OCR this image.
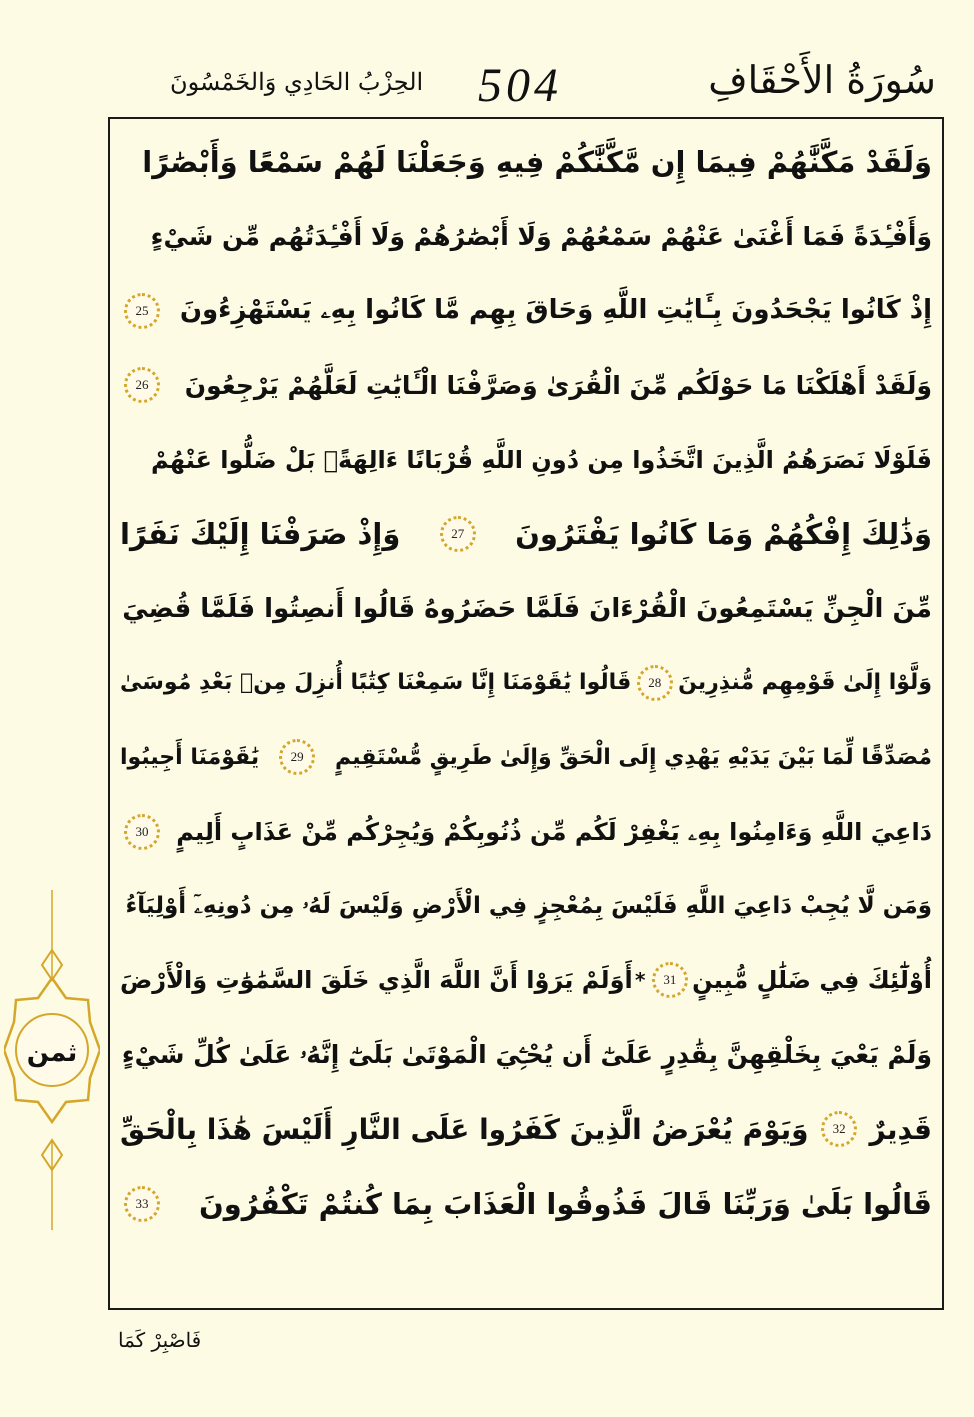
سُورَةُ الأَحْقَافِ
504
الحِزْبُ الحَادِي وَالخَمْسُونَ
وَلَقَدْ مَكَّنَّٰهُمْ فِيمَا إِن مَّكَّنَّٰكُمْ فِيهِ وَجَعَلْنَا لَهُمْ سَمْعًا وَأَبْصَٰرًا
وَأَفْـِٔدَةً فَمَا أَغْنَىٰ عَنْهُمْ سَمْعُهُمْ وَلَا أَبْصَٰرُهُمْ وَلَا أَفْـِٔدَتُهُم مِّن شَيْءٍ
إِذْ كَانُوا يَجْحَدُونَ بِـَٔايَٰتِ اللَّهِ وَحَاقَ بِهِم مَّا كَانُوا بِهِۦ يَسْتَهْزِءُونَ
25
وَلَقَدْ أَهْلَكْنَا مَا حَوْلَكُم مِّنَ الْقُرَىٰ وَصَرَّفْنَا الْـَٔايَٰتِ لَعَلَّهُمْ يَرْجِعُونَ
26
فَلَوْلَا نَصَرَهُمُ الَّذِينَ اتَّخَذُوا مِن دُونِ اللَّهِ قُرْبَانًا ءَالِهَةًۢ بَلْ ضَلُّوا عَنْهُمْ
وَذَٰلِكَ إِفْكُهُمْ وَمَا كَانُوا يَفْتَرُونَ
27
وَإِذْ صَرَفْنَا إِلَيْكَ نَفَرًا
مِّنَ الْجِنِّ يَسْتَمِعُونَ الْقُرْءَانَ فَلَمَّا حَضَرُوهُ قَالُوا أَنصِتُوا فَلَمَّا قُضِيَ
وَلَّوْا إِلَىٰ قَوْمِهِم مُّنذِرِينَ
28
قَالُوا يَٰقَوْمَنَا إِنَّا سَمِعْنَا كِتَٰبًا أُنزِلَ مِنۢ بَعْدِ مُوسَىٰ
مُصَدِّقًا لِّمَا بَيْنَ يَدَيْهِ يَهْدِي إِلَى الْحَقِّ وَإِلَىٰ طَرِيقٍ مُّسْتَقِيمٍ
29
يَٰقَوْمَنَا أَجِيبُوا
دَاعِيَ اللَّهِ وَءَامِنُوا بِهِۦ يَغْفِرْ لَكُم مِّن ذُنُوبِكُمْ وَيُجِرْكُم مِّنْ عَذَابٍ أَلِيمٍ
30
وَمَن لَّا يُجِبْ دَاعِيَ اللَّهِ فَلَيْسَ بِمُعْجِزٍ فِي الْأَرْضِ وَلَيْسَ لَهُۥ مِن دُونِهِۦٓ أَوْلِيَآءُ
أُوْلَٰٓئِكَ فِي ضَلَٰلٍ مُّبِينٍ
31
*
أَوَلَمْ يَرَوْا أَنَّ اللَّهَ الَّذِي خَلَقَ السَّمَٰوَٰتِ وَالْأَرْضَ
وَلَمْ يَعْيَ بِخَلْقِهِنَّ بِقَٰدِرٍ عَلَىٰٓ أَن يُحْـِۧيَ الْمَوْتَىٰ بَلَىٰٓ إِنَّهُۥ عَلَىٰ كُلِّ شَيْءٍ
قَدِيرٌ
32
وَيَوْمَ يُعْرَضُ الَّذِينَ كَفَرُوا عَلَى النَّارِ أَلَيْسَ هَٰذَا بِالْحَقِّ
قَالُوا بَلَىٰ وَرَبِّنَا قَالَ فَذُوقُوا الْعَذَابَ بِمَا كُنتُمْ تَكْفُرُونَ
33
ثمن
فَاصْبِرْ كَمَا
